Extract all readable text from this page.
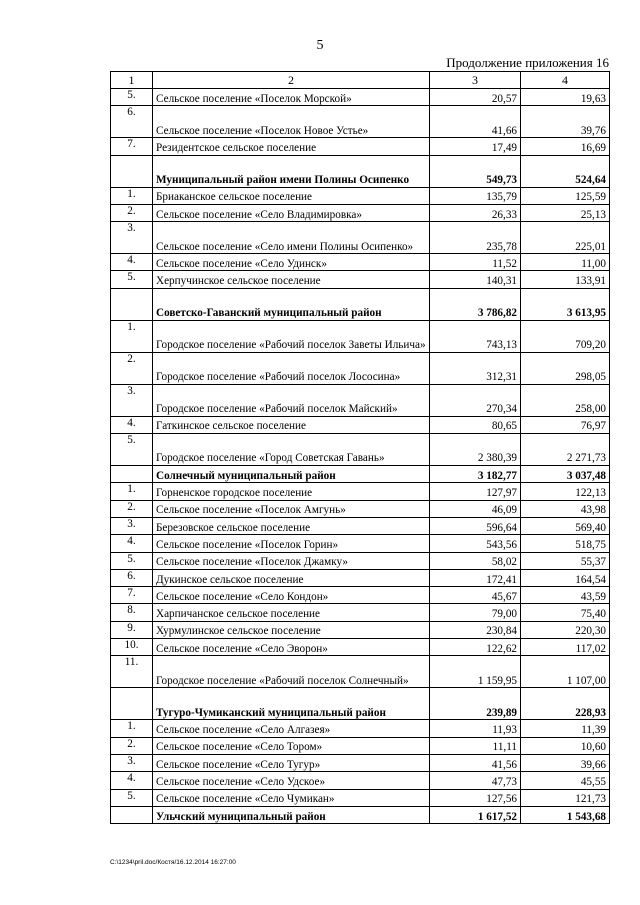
5
Продолжение приложения 16
1	2	3	4
5.	Сельское поселение «Поселок Морской»	20,57	19,63
6.	Сельское поселение «Поселок Новое Устье»	41,66	39,76
7.	Резидентское сельское поселение	17,49	16,69
	Муниципальный район имени Полины Осипенко	549,73	524,64
1.	Бриаканское сельское поселение	135,79	125,59
2.	Сельское поселение «Село Владимировка»	26,33	25,13
3.	Сельское поселение «Село имени Полины Осипенко»	235,78	225,01
4.	Сельское поселение «Село Удинск»	11,52	11,00
5.	Херпучинское сельское поселение	140,31	133,91
	Советско-Гаванский муниципальный район	3 786,82	3 613,95
1.	Городское поселение «Рабочий поселок Заветы Ильича»	743,13	709,20
2.	Городское поселение «Рабочий поселок Лососина»	312,31	298,05
3.	Городское поселение «Рабочий поселок Майский»	270,34	258,00
4.	Гаткинское сельское поселение	80,65	76,97
5.	Городское поселение «Город Советская Гавань»	2 380,39	2 271,73
	Солнечный муниципальный район	3 182,77	3 037,48
1.	Горненское городское поселение	127,97	122,13
2.	Сельское поселение «Поселок Амгунь»	46,09	43,98
3.	Березовское сельское поселение	596,64	569,40
4.	Сельское поселение «Поселок Горин»	543,56	518,75
5.	Сельское поселение «Поселок Джамку»	58,02	55,37
6.	Дукинское сельское поселение	172,41	164,54
7.	Сельское поселение «Село Кондон»	45,67	43,59
8.	Харпичанское сельское поселение	79,00	75,40
9.	Хурмулинское сельское поселение	230,84	220,30
10.	Сельское поселение «Село Эворон»	122,62	117,02
11.	Городское поселение «Рабочий поселок Солнечный»	1 159,95	1 107,00
	Тугуро-Чумиканский муниципальный район	239,89	228,93
1.	Сельское поселение «Село Алгазея»	11,93	11,39
2.	Сельское поселение «Село Тором»	11,11	10,60
3.	Сельское поселение «Село Тугур»	41,56	39,66
4.	Сельское поселение «Село Удское»	47,73	45,55
5.	Сельское поселение «Село Чумикан»	127,56	121,73
	Ульчский муниципальный район	1 617,52	1 543,68
C:\1234\pril.doc/Костя/16.12.2014 16:27:00
